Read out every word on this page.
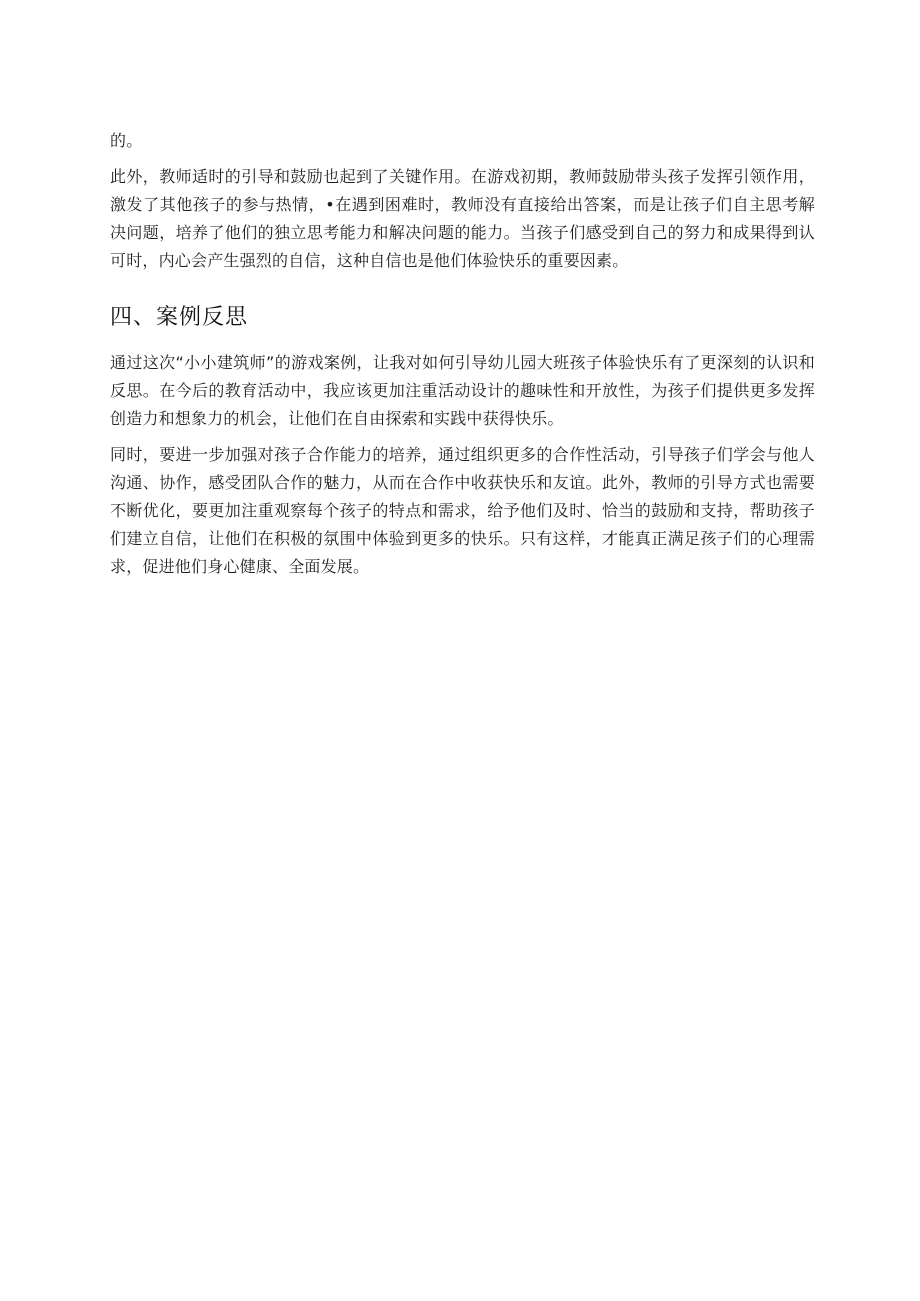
的。

此外，教师适时的引导和鼓励也起到了关键作用。在游戏初期，教师鼓励带头孩子发挥引领作用，激发了其他孩子的参与热情，•在遇到困难时，教师没有直接给出答案，而是让孩子们自主思考解决问题，培养了他们的独立思考能力和解决问题的能力。当孩子们感受到自己的努力和成果得到认可时，内心会产生强烈的自信，这种自信也是他们体验快乐的重要因素。

四、案例反思

通过这次“小小建筑师”的游戏案例，让我对如何引导幼儿园大班孩子体验快乐有了更深刻的认识和反思。在今后的教育活动中，我应该更加注重活动设计的趣味性和开放性，为孩子们提供更多发挥创造力和想象力的机会，让他们在自由探索和实践中获得快乐。

同时，要进一步加强对孩子合作能力的培养，通过组织更多的合作性活动，引导孩子们学会与他人沟通、协作，感受团队合作的魅力，从而在合作中收获快乐和友谊。此外，教师的引导方式也需要不断优化，要更加注重观察每个孩子的特点和需求，给予他们及时、恰当的鼓励和支持，帮助孩子们建立自信，让他们在积极的氛围中体验到更多的快乐。只有这样，才能真正满足孩子们的心理需求，促进他们身心健康、全面发展。
